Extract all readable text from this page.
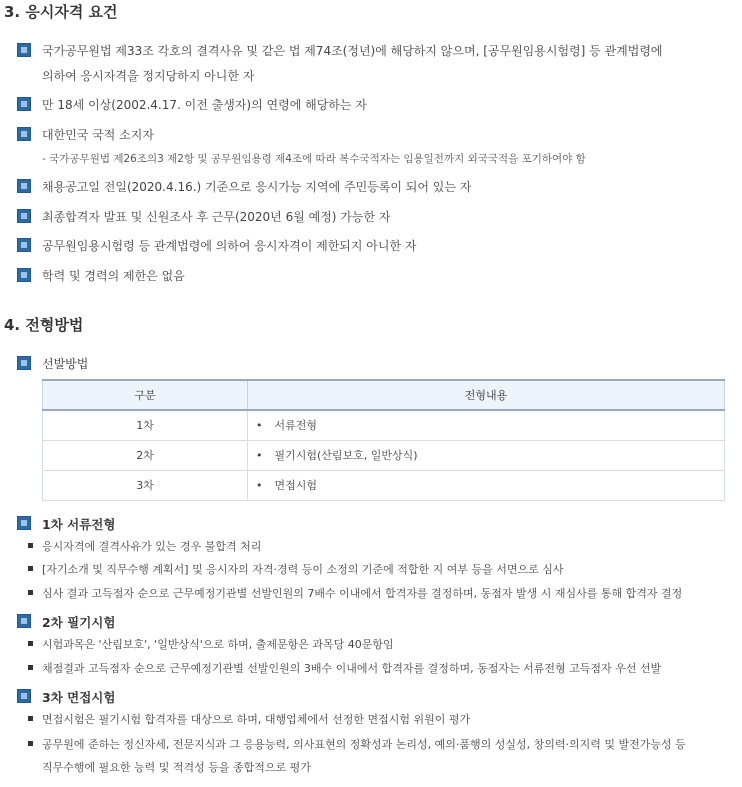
3. 응시자격 요건
국가공무원법 제33조 각호의 결격사유 및 같은 법 제74조(정년)에 해당하지 않으며, [공무원임용시험령] 등 관계법령에
의하여 응시자격을 정지당하지 아니한 자
만 18세 이상(2002.4.17. 이전 출생자)의 연령에 해당하는 자
대한민국 국적 소지자
- 국가공무원법 제26조의3 제2항 및 공무원임용령 제4조에 따라 복수국적자는 임용일전까지 외국국적을 포기하여야 함
채용공고일 전일(2020.4.16.) 기준으로 응시가능 지역에 주민등록이 되어 있는 자
최종합격자 발표 및 신원조사 후 근무(2020년 6월 예정) 가능한 자
공무원임용시험령 등 관계법령에 의하여 응시자격이 제한되지 아니한 자
학력 및 경력의 제한은 없음
4. 전형방법
선발방법
구분	전형내용
1차	• 서류전형
2차	• 필기시험(산림보호, 일반상식)
3차	• 면접시험
1차 서류전형
응시자격에 결격사유가 있는 경우 불합격 처리
[자기소개 및 직무수행 계획서] 및 응시자의 자격·경력 등이 소정의 기준에 적합한 지 여부 등을 서면으로 심사
심사 결과 고득점자 순으로 근무예정기관별 선발인원의 7배수 이내에서 합격자를 결정하며, 동점자 발생 시 재심사를 통해 합격자 결정
2차 필기시험
시험과목은 '산림보호', '일반상식'으로 하며, 출제문항은 과목당 40문항임
채점결과 고득점자 순으로 근무예정기관별 선발인원의 3배수 이내에서 합격자를 결정하며, 동점자는 서류전형 고득점자 우선 선발
3차 면접시험
면접시험은 필기시험 합격자를 대상으로 하며, 대행업체에서 선정한 면접시험 위원이 평가
공무원에 준하는 정신자세, 전문지식과 그 응용능력, 의사표현의 정확성과 논리성, 예의·품행의 성실성, 창의력·의지력 및 발전가능성 등
직무수행에 필요한 능력 및 적격성 등을 종합적으로 평가
